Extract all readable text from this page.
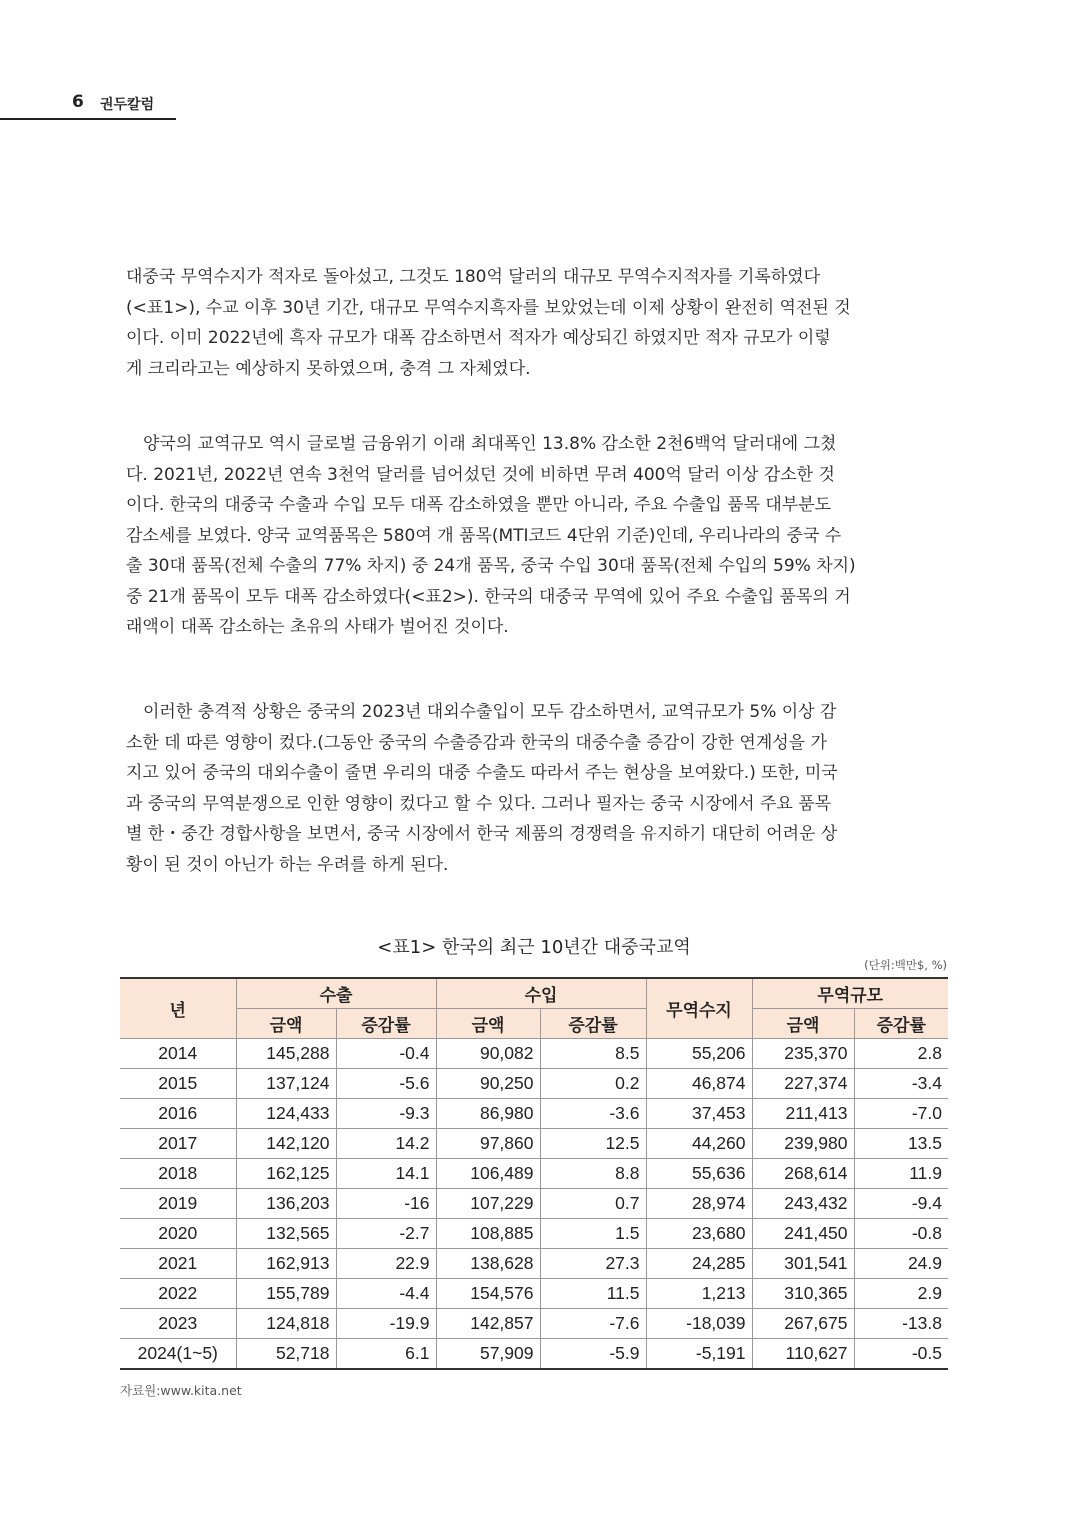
6 권두칼럼
대중국 무역수지가 적자로 돌아섰고, 그것도 180억 달러의 대규모 무역수지적자를 기록하였다
(<표1>), 수교 이후 30년 기간, 대규모 무역수지흑자를 보았었는데 이제 상황이 완전히 역전된 것
이다. 이미 2022년에 흑자 규모가 대폭 감소하면서 적자가 예상되긴 하였지만 적자 규모가 이렇
게 크리라고는 예상하지 못하였으며, 충격 그 자체였다.
　양국의 교역규모 역시 글로벌 금융위기 이래 최대폭인 13.8% 감소한 2천6백억 달러대에 그쳤
다. 2021년, 2022년 연속 3천억 달러를 넘어섰던 것에 비하면 무려 400억 달러 이상 감소한 것
이다. 한국의 대중국 수출과 수입 모두 대폭 감소하였을 뿐만 아니라, 주요 수출입 품목 대부분도
감소세를 보였다. 양국 교역품목은 580여 개 품목(MTI코드 4단위 기준)인데, 우리나라의 중국 수
출 30대 품목(전체 수출의 77% 차지) 중 24개 품목, 중국 수입 30대 품목(전체 수입의 59% 차지)
중 21개 품목이 모두 대폭 감소하였다(<표2>). 한국의 대중국 무역에 있어 주요 수출입 품목의 거
래액이 대폭 감소하는 초유의 사태가 벌어진 것이다.
　이러한 충격적 상황은 중국의 2023년 대외수출입이 모두 감소하면서, 교역규모가 5% 이상 감
소한 데 따른 영향이 컸다.(그동안 중국의 수출증감과 한국의 대중수출 증감이 강한 연계성을 가
지고 있어 중국의 대외수출이 줄면 우리의 대중 수출도 따라서 주는 현상을 보여왔다.) 또한, 미국
과 중국의 무역분쟁으로 인한 영향이 컸다고 할 수 있다. 그러나 필자는 중국 시장에서 주요 품목
별 한・중간 경합사항을 보면서, 중국 시장에서 한국 제품의 경쟁력을 유지하기 대단히 어려운 상
황이 된 것이 아닌가 하는 우려를 하게 된다.
<표1> 한국의 최근 10년간 대중국교역
(단위:백만$, %)
년	수출		수입		무역수지	무역규모	
	금액	증감률	금액	증감률		금액	증감률
2014	145,288	-0.4	90,082	8.5	55,206	235,370	2.8
2015	137,124	-5.6	90,250	0.2	46,874	227,374	-3.4
2016	124,433	-9.3	86,980	-3.6	37,453	211,413	-7.0
2017	142,120	14.2	97,860	12.5	44,260	239,980	13.5
2018	162,125	14.1	106,489	8.8	55,636	268,614	11.9
2019	136,203	-16	107,229	0.7	28,974	243,432	-9.4
2020	132,565	-2.7	108,885	1.5	23,680	241,450	-0.8
2021	162,913	22.9	138,628	27.3	24,285	301,541	24.9
2022	155,789	-4.4	154,576	11.5	1,213	310,365	2.9
2023	124,818	-19.9	142,857	-7.6	-18,039	267,675	-13.8
2024(1~5)	52,718	6.1	57,909	-5.9	-5,191	110,627	-0.5
자료원:www.kita.net
